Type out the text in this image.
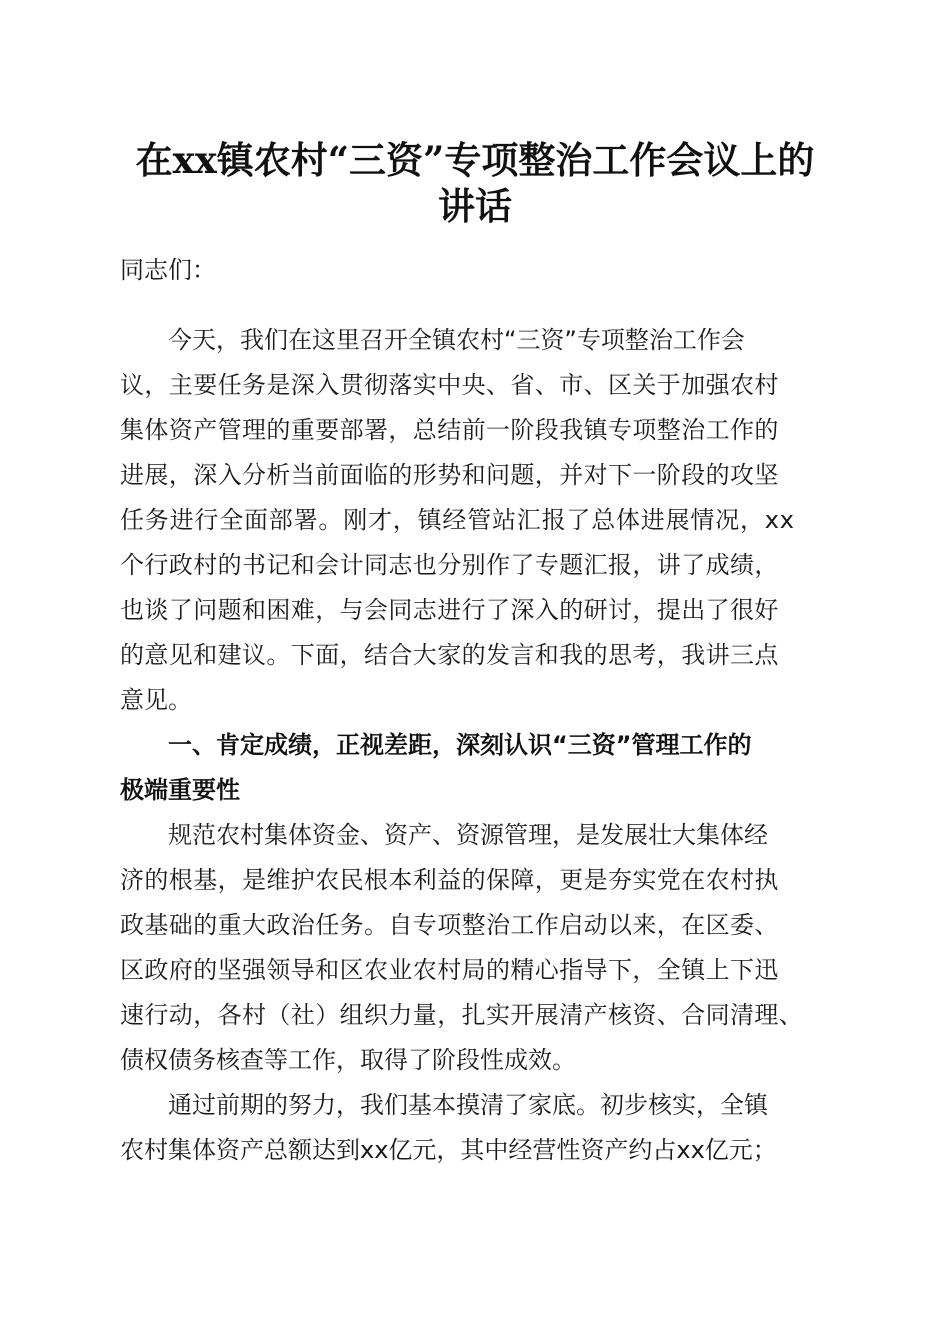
在xx镇农村“三资”专项整治工作会议上的
讲话

同志们：

今天，我们在这里召开全镇农村“三资”专项整治工作会

议，主要任务是深入贯彻落实中央、省、市、区关于加强农村

集体资产管理的重要部署，总结前一阶段我镇专项整治工作的

进展，深入分析当前面临的形势和问题，并对下一阶段的攻坚

任务进行全面部署。刚才，镇经管站汇报了总体进展情况，xx

个行政村的书记和会计同志也分别作了专题汇报，讲了成绩，

也谈了问题和困难，与会同志进行了深入的研讨，提出了很好

的意见和建议。下面，结合大家的发言和我的思考，我讲三点

意见。

一、肯定成绩，正视差距，深刻认识“三资”管理工作的

极端重要性

规范农村集体资金、资产、资源管理，是发展壮大集体经

济的根基，是维护农民根本利益的保障，更是夯实党在农村执

政基础的重大政治任务。自专项整治工作启动以来，在区委、

区政府的坚强领导和区农业农村局的精心指导下，全镇上下迅

速行动，各村（社）组织力量，扎实开展清产核资、合同清理、

债权债务核查等工作，取得了阶段性成效。

通过前期的努力，我们基本摸清了家底。初步核实，全镇

农村集体资产总额达到xx亿元，其中经营性资产约占xx亿元；
